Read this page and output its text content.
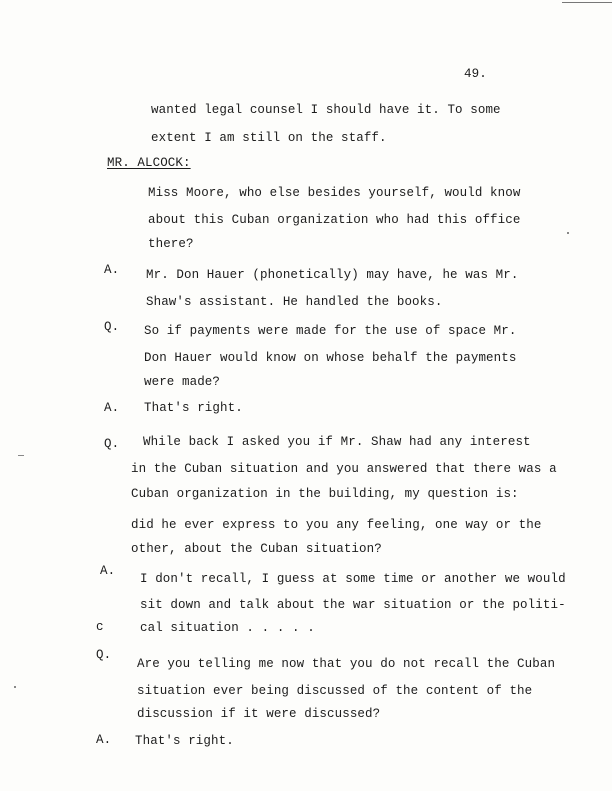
49.
A.
Q.
A.
Q.
A.
c
Q.
A.
wanted legal counsel I should have it. To some
extent I am still on the staff.
MR. ALCOCK:
Miss Moore, who else besides yourself, would know
about this Cuban organization who had this office
there?
Mr. Don Hauer (phonetically) may have, he was Mr.
Shaw's assistant. He handled the books.
So if payments were made for the use of space Mr.
Don Hauer would know on whose behalf the payments
were made?
That's right.
While back I asked you if Mr. Shaw had any interest
in the Cuban situation and you answered that there was a
Cuban organization in the building, my question is:
did he ever express to you any feeling, one way or the
other, about the Cuban situation?
I don't recall, I guess at some time or another we would
sit down and talk about the war situation or the politi-
cal situation . . . . .
Are you telling me now that you do not recall the Cuban
situation ever being discussed of the content of the
discussion if it were discussed?
That's right.
